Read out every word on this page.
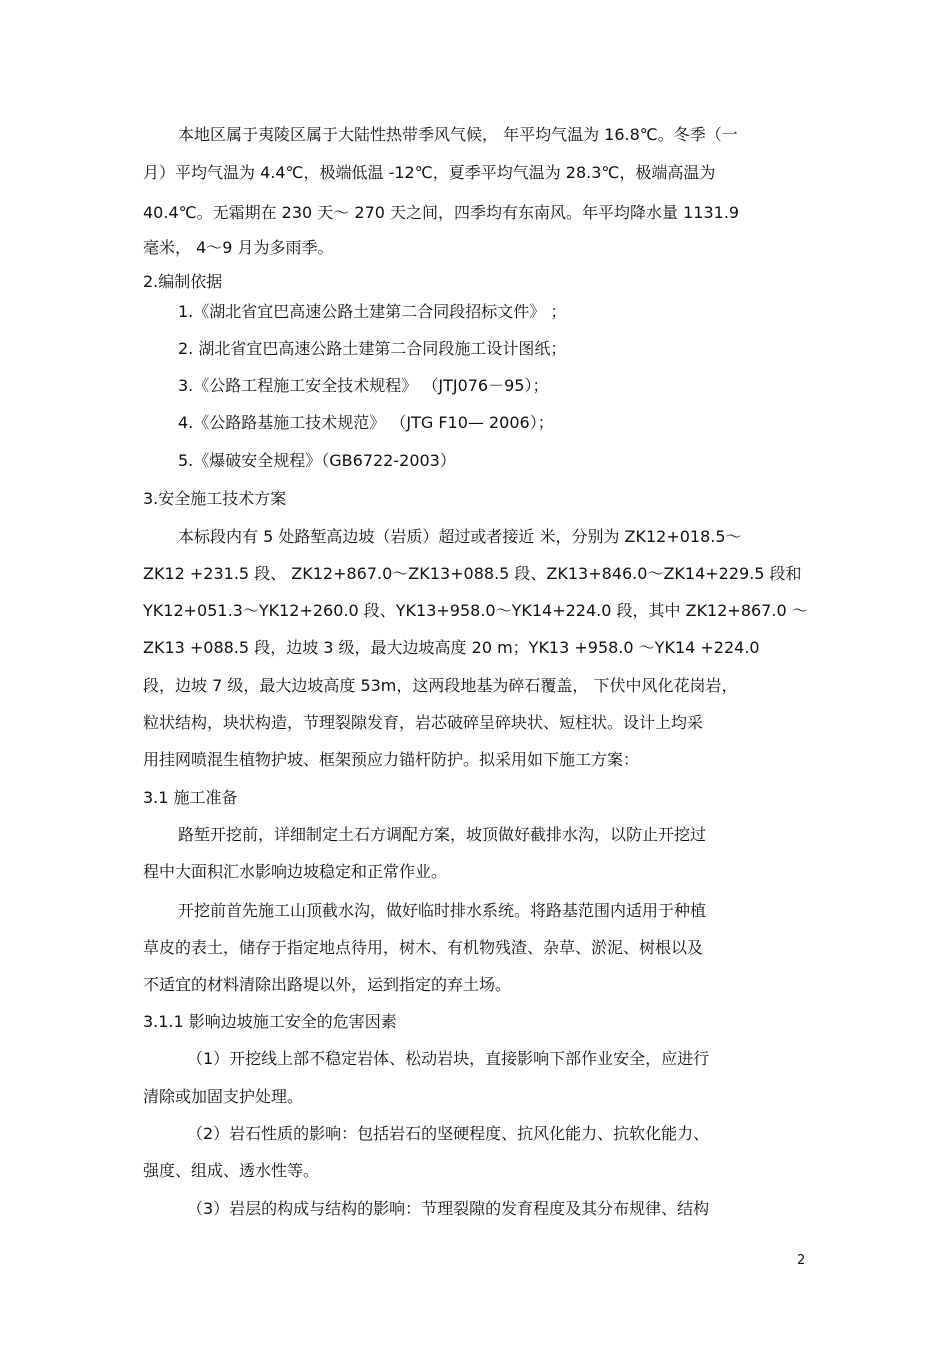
本地区属于夷陵区属于大陆性热带季风气候， 年平均气温为 16.8℃。冬季（一
月）平均气温为 4.4℃，极端低温 -12℃，夏季平均气温为 28.3℃，极端高温为
40.4℃。无霜期在 230 天～ 270 天之间，四季均有东南风。年平均降水量 1131.9
毫米， 4～9 月为多雨季。
2.编制依据
1.《湖北省宜巴高速公路土建第二合同段招标文件》 ；
2. 湖北省宜巴高速公路土建第二合同段施工设计图纸；
3.《公路工程施工安全技术规程》 （JTJ076－95）；
4.《公路路基施工技术规范》 （JTG F10— 2006）；
5.《爆破安全规程》（GB6722-2003）
3.安全施工技术方案
本标段内有 5 处路堑高边坡（岩质）超过或者接近 米，分别为 ZK12+018.5～
ZK12 +231.5 段、 ZK12+867.0～ZK13+088.5 段、ZK13+846.0～ZK14+229.5 段和
YK12+051.3～YK12+260.0 段、YK13+958.0～YK14+224.0 段，其中 ZK12+867.0 ～
ZK13 +088.5 段，边坡 3 级，最大边坡高度 20 m；YK13 +958.0 ～YK14 +224.0
段，边坡 7 级，最大边坡高度 53m，这两段地基为碎石覆盖， 下伏中风化花岗岩，
粒状结构，块状构造，节理裂隙发育，岩芯破碎呈碎块状、短柱状。设计上均采
用挂网喷混生植物护坡、框架预应力锚杆防护。拟采用如下施工方案：
3.1 施工准备
路堑开挖前，详细制定土石方调配方案，坡顶做好截排水沟，以防止开挖过
程中大面积汇水影响边坡稳定和正常作业。
开挖前首先施工山顶截水沟，做好临时排水系统。将路基范围内适用于种植
草皮的表土，储存于指定地点待用，树木、有机物残渣、杂草、淤泥、树根以及
不适宜的材料清除出路堤以外，运到指定的弃土场。
3.1.1 影响边坡施工安全的危害因素
（1）开挖线上部不稳定岩体、松动岩块，直接影响下部作业安全，应进行
清除或加固支护处理。
（2）岩石性质的影响：包括岩石的坚硬程度、抗风化能力、抗软化能力、
强度、组成、透水性等。
（3）岩层的构成与结构的影响：节理裂隙的发育程度及其分布规律、结构
2
